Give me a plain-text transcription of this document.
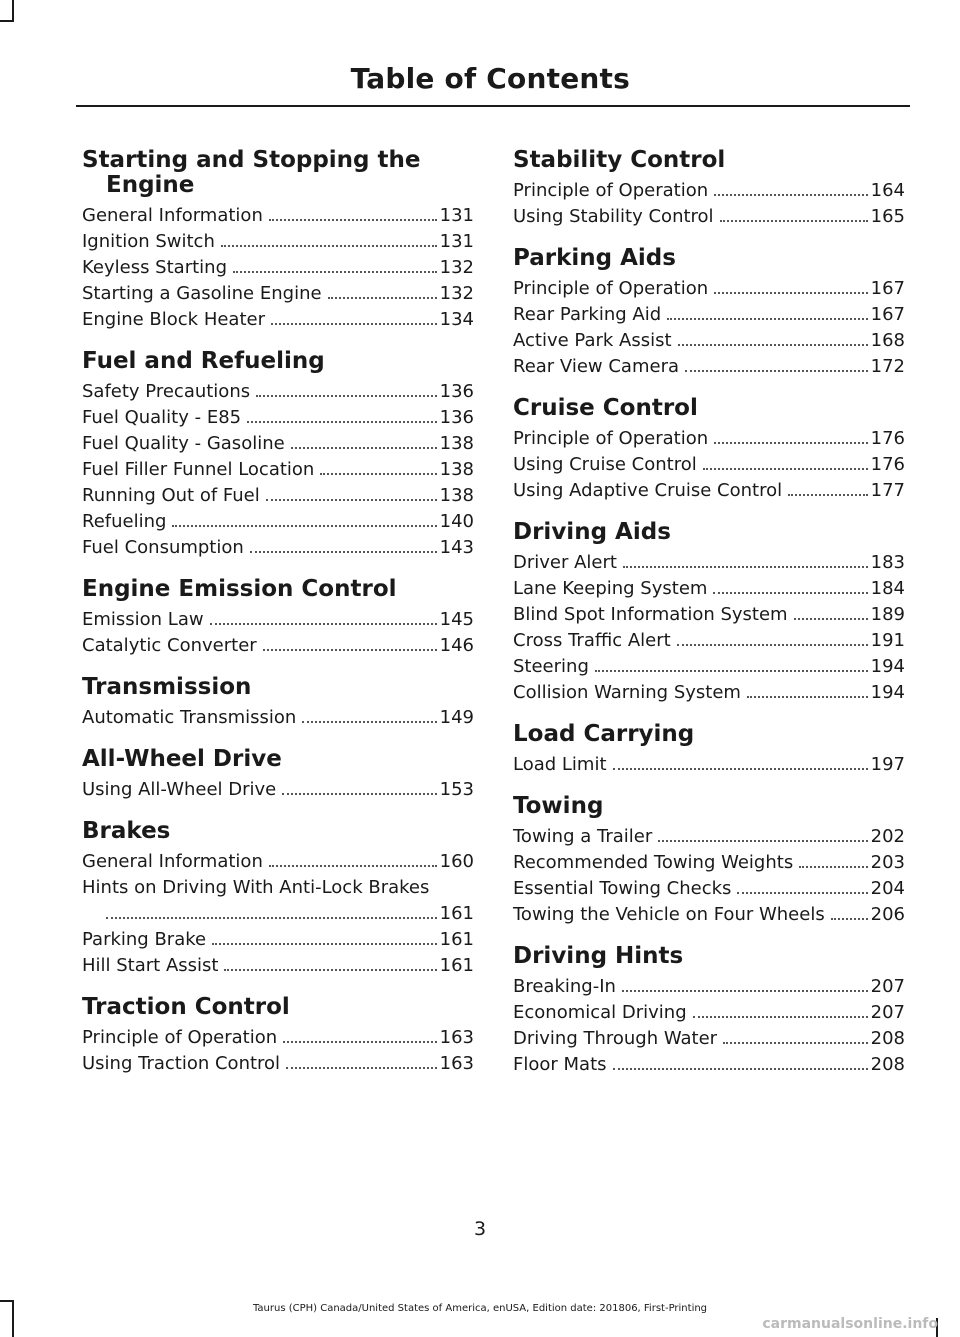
Table of Contents
Starting and Stopping the Engine
General Information	131
Ignition Switch	131
Keyless Starting	132
Starting a Gasoline Engine	132
Engine Block Heater	134
Fuel and Refueling
Safety Precautions	136
Fuel Quality - E85	136
Fuel Quality - Gasoline	138
Fuel Filler Funnel Location	138
Running Out of Fuel	138
Refueling	140
Fuel Consumption	143
Engine Emission Control
Emission Law	145
Catalytic Converter	146
Transmission
Automatic Transmission	149
All-Wheel Drive
Using All-Wheel Drive	153
Brakes
General Information	160
Hints on Driving With Anti-Lock Brakes
161
Parking Brake	161
Hill Start Assist	161
Traction Control
Principle of Operation	163
Using Traction Control	163
Stability Control
Principle of Operation	164
Using Stability Control	165
Parking Aids
Principle of Operation	167
Rear Parking Aid	167
Active Park Assist	168
Rear View Camera	172
Cruise Control
Principle of Operation	176
Using Cruise Control	176
Using Adaptive Cruise Control	177
Driving Aids
Driver Alert	183
Lane Keeping System	184
Blind Spot Information System	189
Cross Traffic Alert	191
Steering	194
Collision Warning System	194
Load Carrying
Load Limit	197
Towing
Towing a Trailer	202
Recommended Towing Weights	203
Essential Towing Checks	204
Towing the Vehicle on Four Wheels	206
Driving Hints
Breaking-In	207
Economical Driving	207
Driving Through Water	208
Floor Mats	208
3
Taurus (CPH) Canada/United States of America, enUSA, Edition date: 201806, First-Printing
carmanualsonline.info
